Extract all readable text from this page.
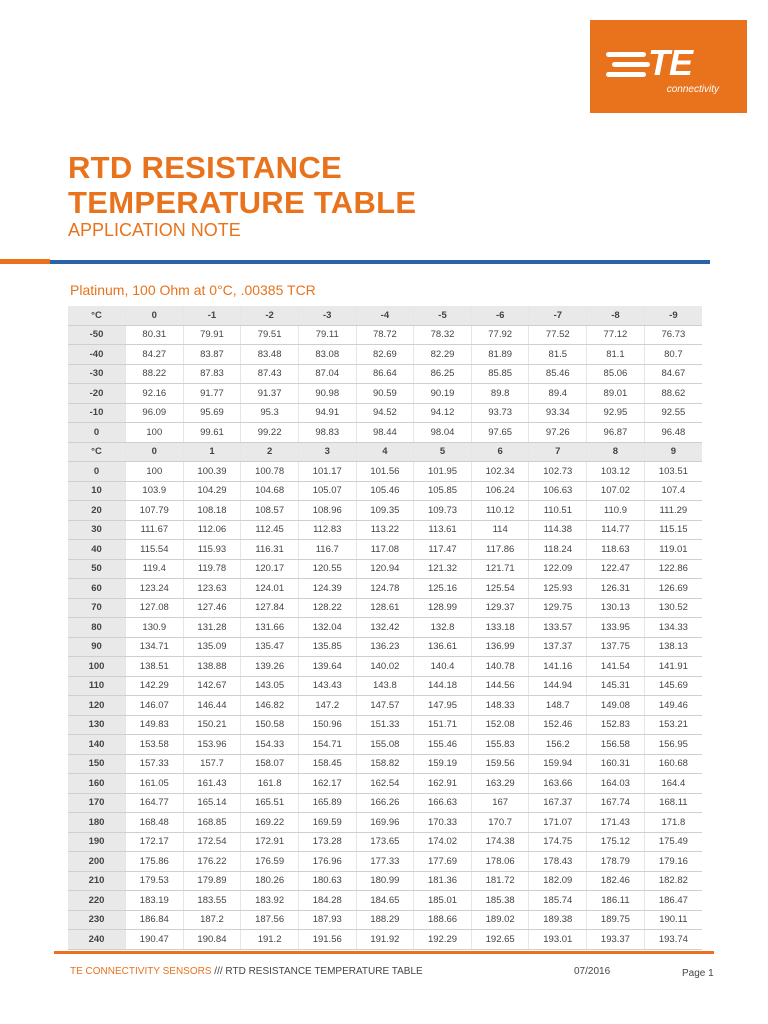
TE
connectivity
RTD RESISTANCE
TEMPERATURE TABLE
APPLICATION NOTE
Platinum, 100 Ohm at 0°C, .00385 TCR
°C	0	-1	-2	-3	-4	-5	-6	-7	-8	-9
-50	80.31	79.91	79.51	79.11	78.72	78.32	77.92	77.52	77.12	76.73
-40	84.27	83.87	83.48	83.08	82.69	82.29	81.89	81.5	81.1	80.7
-30	88.22	87.83	87.43	87.04	86.64	86.25	85.85	85.46	85.06	84.67
-20	92.16	91.77	91.37	90.98	90.59	90.19	89.8	89.4	89.01	88.62
-10	96.09	95.69	95.3	94.91	94.52	94.12	93.73	93.34	92.95	92.55
0	100	99.61	99.22	98.83	98.44	98.04	97.65	97.26	96.87	96.48
°C	0	1	2	3	4	5	6	7	8	9
0	100	100.39	100.78	101.17	101.56	101.95	102.34	102.73	103.12	103.51
10	103.9	104.29	104.68	105.07	105.46	105.85	106.24	106.63	107.02	107.4
20	107.79	108.18	108.57	108.96	109.35	109.73	110.12	110.51	110.9	111.29
30	111.67	112.06	112.45	112.83	113.22	113.61	114	114.38	114.77	115.15
40	115.54	115.93	116.31	116.7	117.08	117.47	117.86	118.24	118.63	119.01
50	119.4	119.78	120.17	120.55	120.94	121.32	121.71	122.09	122.47	122.86
60	123.24	123.63	124.01	124.39	124.78	125.16	125.54	125.93	126.31	126.69
70	127.08	127.46	127.84	128.22	128.61	128.99	129.37	129.75	130.13	130.52
80	130.9	131.28	131.66	132.04	132.42	132.8	133.18	133.57	133.95	134.33
90	134.71	135.09	135.47	135.85	136.23	136.61	136.99	137.37	137.75	138.13
100	138.51	138.88	139.26	139.64	140.02	140.4	140.78	141.16	141.54	141.91
110	142.29	142.67	143.05	143.43	143.8	144.18	144.56	144.94	145.31	145.69
120	146.07	146.44	146.82	147.2	147.57	147.95	148.33	148.7	149.08	149.46
130	149.83	150.21	150.58	150.96	151.33	151.71	152.08	152.46	152.83	153.21
140	153.58	153.96	154.33	154.71	155.08	155.46	155.83	156.2	156.58	156.95
150	157.33	157.7	158.07	158.45	158.82	159.19	159.56	159.94	160.31	160.68
160	161.05	161.43	161.8	162.17	162.54	162.91	163.29	163.66	164.03	164.4
170	164.77	165.14	165.51	165.89	166.26	166.63	167	167.37	167.74	168.11
180	168.48	168.85	169.22	169.59	169.96	170.33	170.7	171.07	171.43	171.8
190	172.17	172.54	172.91	173.28	173.65	174.02	174.38	174.75	175.12	175.49
200	175.86	176.22	176.59	176.96	177.33	177.69	178.06	178.43	178.79	179.16
210	179.53	179.89	180.26	180.63	180.99	181.36	181.72	182.09	182.46	182.82
220	183.19	183.55	183.92	184.28	184.65	185.01	185.38	185.74	186.11	186.47
230	186.84	187.2	187.56	187.93	188.29	188.66	189.02	189.38	189.75	190.11
240	190.47	190.84	191.2	191.56	191.92	192.29	192.65	193.01	193.37	193.74
TE CONNECTIVITY SENSORS /// RTD RESISTANCE TEMPERATURE TABLE	07/2016	Page 1
